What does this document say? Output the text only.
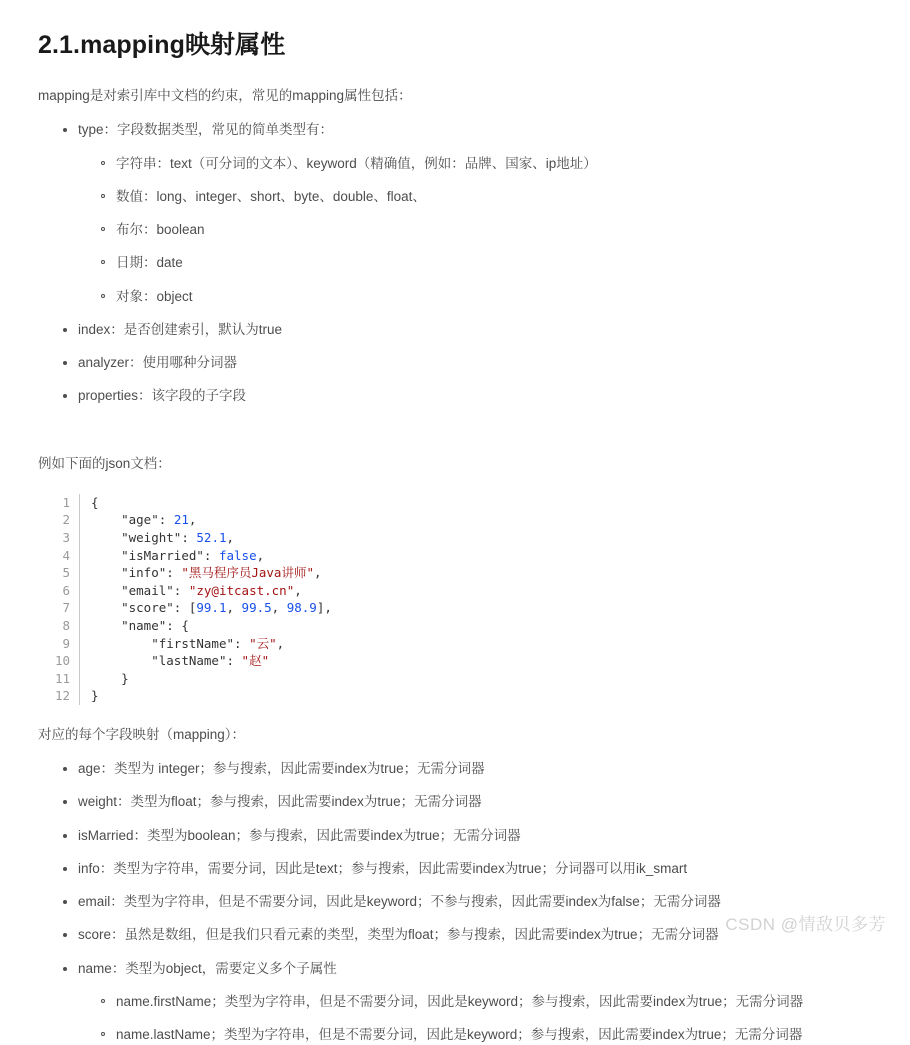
2.1.mapping映射属性

mapping是对索引库中文档的约束，常见的mapping属性包括：

type：字段数据类型，常见的简单类型有：
字符串：text（可分词的文本）、keyword（精确值，例如：品牌、国家、ip地址）
数值：long、integer、short、byte、double、float、
布尔：boolean
日期：date
对象：object
index：是否创建索引，默认为true
analyzer：使用哪种分词器
properties：该字段的子字段

例如下面的json文档：

1
2
3
4
5
6
7
8
9
10
11
12
{
"age": 21,
"weight": 52.1,
"isMarried": false,
"info": "黑马程序员Java讲师",
"email": "zy@itcast.cn",
"score": [99.1, 99.5, 98.9],
"name": {
"firstName": "云",
"lastName": "赵"
}
}

对应的每个字段映射（mapping）：

age：类型为 integer；参与搜索，因此需要index为true；无需分词器
weight：类型为float；参与搜索，因此需要index为true；无需分词器
isMarried：类型为boolean；参与搜索，因此需要index为true；无需分词器
info：类型为字符串，需要分词，因此是text；参与搜索，因此需要index为true；分词器可以用ik_smart
email：类型为字符串，但是不需要分词，因此是keyword；不参与搜索，因此需要index为false；无需分词器
score：虽然是数组，但是我们只看元素的类型，类型为float；参与搜索，因此需要index为true；无需分词器
name：类型为object，需要定义多个子属性
name.firstName；类型为字符串，但是不需要分词，因此是keyword；参与搜索，因此需要index为true；无需分词器
name.lastName；类型为字符串，但是不需要分词，因此是keyword；参与搜索，因此需要index为true；无需分词器
CSDN @情敌贝多芳
